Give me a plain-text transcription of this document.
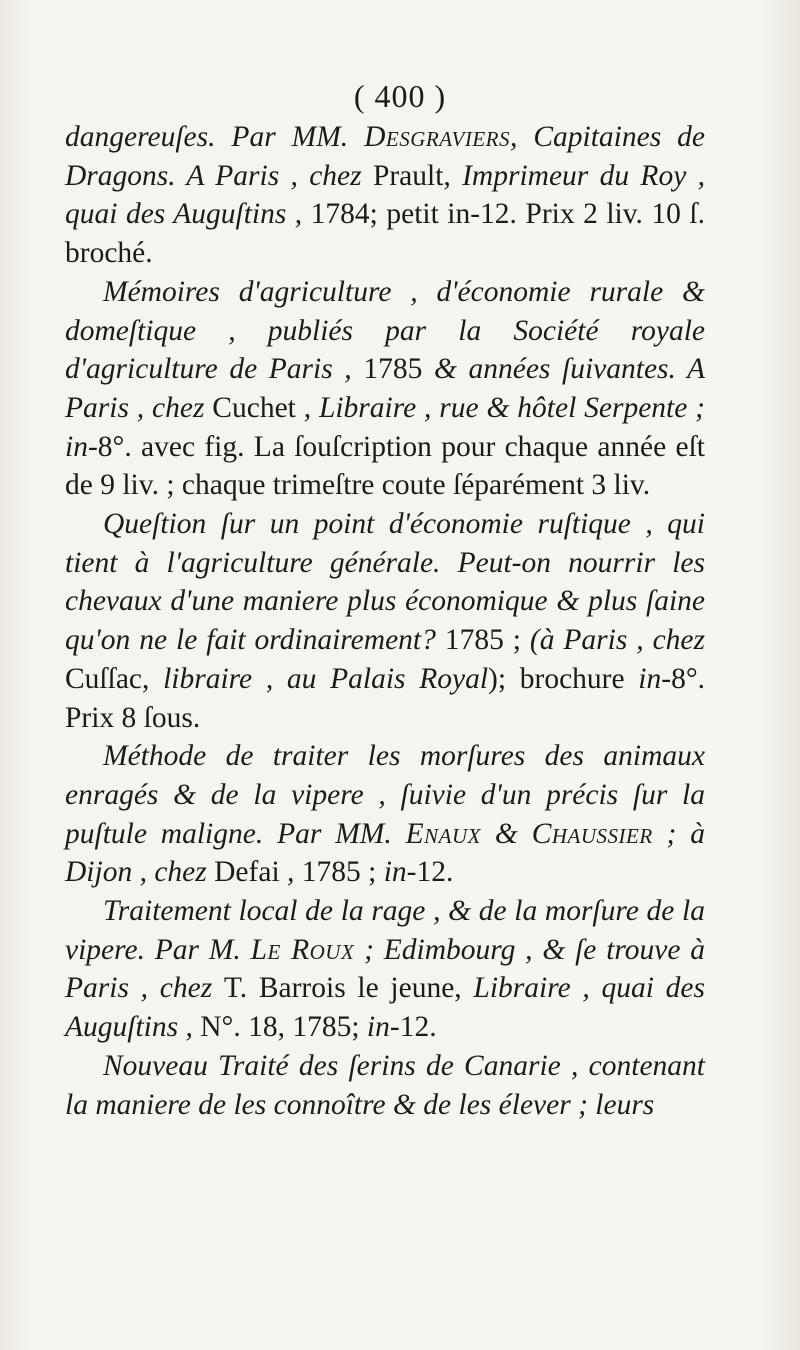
( 400 )

dangereuſes. Par MM. Desgraviers, Capitaines de Dragons. A Paris , chez Prault, Imprimeur du Roy , quai des Auguſtins , 1784; petit in-12. Prix 2 liv. 10 ſ. broché.

Mémoires d'agriculture , d'économie rurale & domeſtique , publiés par la Société royale d'agriculture de Paris , 1785 & années ſuivantes. A Paris , chez Cuchet , Libraire , rue & hôtel Serpente ; in-8°. avec fig. La ſouſcription pour chaque année eſt de 9 liv. ; chaque trimeſtre coute ſéparément 3 liv.

Queſtion ſur un point d'économie ruſtique , qui tient à l'agriculture générale. Peut-on nourrir les chevaux d'une maniere plus économique & plus ſaine qu'on ne le fait ordinairement? 1785 ; (à Paris , chez Cuſſac, libraire , au Palais Royal); brochure in-8°. Prix 8 ſous.

Méthode de traiter les morſures des animaux enragés & de la vipere , ſuivie d'un précis ſur la puſtule maligne. Par MM. Enaux & Chaussier ; à Dijon , chez Defai , 1785 ; in-12.

Traitement local de la rage , & de la morſure de la vipere. Par M. Le Roux ; Edimbourg , & ſe trouve à Paris , chez T. Barrois le jeune, Libraire , quai des Auguſtins , N°. 18, 1785; in-12.

Nouveau Traité des ſerins de Canarie , contenant la maniere de les connoître & de les élever ; leurs
